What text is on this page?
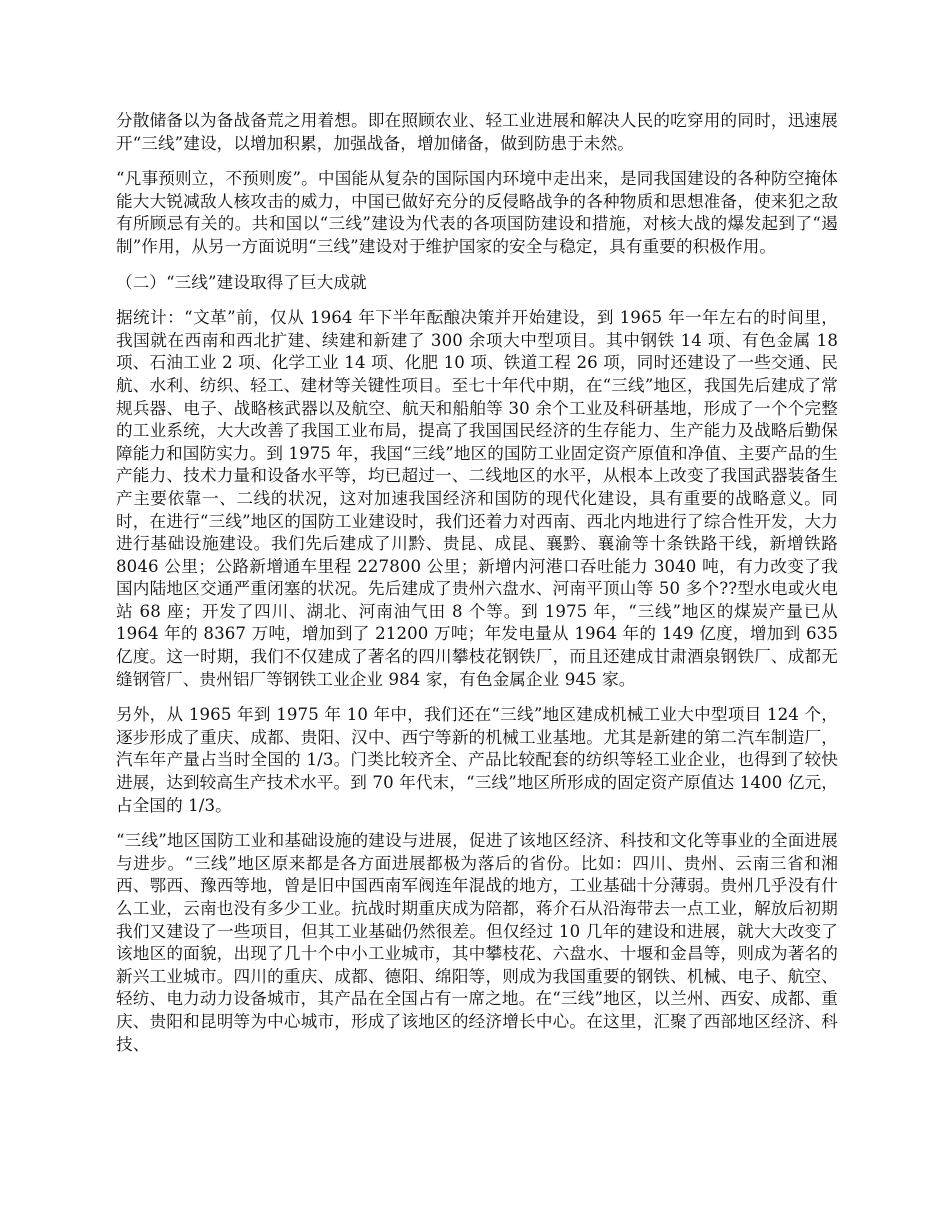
分散储备以为备战备荒之用着想。即在照顾农业、轻工业进展和解决人民的吃穿用的同时，迅速展开“三线”建设，以增加积累，加强战备，增加储备，做到防患于未然。

“凡事预则立，不预则废”。中国能从复杂的国际国内环境中走出来，是同我国建设的各种防空掩体能大大锐减敌人核攻击的威力，中国已做好充分的反侵略战争的各种物质和思想准备，使来犯之敌有所顾忌有关的。共和国以“三线”建设为代表的各项国防建设和措施，对核大战的爆发起到了“遏制”作用，从另一方面说明“三线”建设对于维护国家的安全与稳定，具有重要的积极作用。

（二）“三线”建设取得了巨大成就

据统计：“文革”前，仅从 1964 年下半年酝酿决策并开始建设，到 1965 年一年左右的时间里，我国就在西南和西北扩建、续建和新建了 300 余项大中型项目。其中钢铁 14 项、有色金属 18 项、石油工业 2 项、化学工业 14 项、化肥 10 项、铁道工程 26 项，同时还建设了一些交通、民航、水利、纺织、轻工、建材等关键性项目。至七十年代中期，在“三线”地区，我国先后建成了常规兵器、电子、战略核武器以及航空、航天和船舶等 30 余个工业及科研基地，形成了一个个完整的工业系统，大大改善了我国工业布局，提高了我国国民经济的生存能力、生产能力及战略后勤保障能力和国防实力。到 1975 年，我国“三线”地区的国防工业固定资产原值和净值、主要产品的生产能力、技术力量和设备水平等，均已超过一、二线地区的水平，从根本上改变了我国武器装备生产主要依靠一、二线的状况，这对加速我国经济和国防的现代化建设，具有重要的战略意义。同时，在进行“三线”地区的国防工业建设时，我们还着力对西南、西北内地进行了综合性开发，大力进行基础设施建设。我们先后建成了川黔、贵昆、成昆、襄黔、襄渝等十条铁路干线，新增铁路 8046 公里；公路新增通车里程 227800 公里；新增内河港口吞吐能力 3040 吨，有力改变了我国内陆地区交通严重闭塞的状况。先后建成了贵州六盘水、河南平顶山等 50 多个??型水电或火电站 68 座；开发了四川、湖北、河南油气田 8 个等。到 1975 年，“三线”地区的煤炭产量已从 1964 年的 8367 万吨，增加到了 21200 万吨；年发电量从 1964 年的 149 亿度，增加到 635 亿度。这一时期，我们不仅建成了著名的四川攀枝花钢铁厂，而且还建成甘肃酒泉钢铁厂、成都无缝钢管厂、贵州铝厂等钢铁工业企业 984 家，有色金属企业 945 家。

另外，从 1965 年到 1975 年 10 年中，我们还在“三线”地区建成机械工业大中型项目 124 个，逐步形成了重庆、成都、贵阳、汉中、西宁等新的机械工业基地。尤其是新建的第二汽车制造厂，汽车年产量占当时全国的 1/3。门类比较齐全、产品比较配套的纺织等轻工业企业，也得到了较快进展，达到较高生产技术水平。到 70 年代末，“三线”地区所形成的固定资产原值达 1400 亿元，占全国的 1/3。

“三线”地区国防工业和基础设施的建设与进展，促进了该地区经济、科技和文化等事业的全面进展与进步。“三线”地区原来都是各方面进展都极为落后的省份。比如：四川、贵州、云南三省和湘西、鄂西、豫西等地，曾是旧中国西南军阀连年混战的地方，工业基础十分薄弱。贵州几乎没有什么工业，云南也没有多少工业。抗战时期重庆成为陪都，蒋介石从沿海带去一点工业，解放后初期我们又建设了一些项目，但其工业基础仍然很差。但仅经过 10 几年的建设和进展，就大大改变了该地区的面貌，出现了几十个中小工业城市，其中攀枝花、六盘水、十堰和金昌等，则成为著名的新兴工业城市。四川的重庆、成都、德阳、绵阳等，则成为我国重要的钢铁、机械、电子、航空、轻纺、电力动力设备城市，其产品在全国占有一席之地。在“三线”地区，以兰州、西安、成都、重庆、贵阳和昆明等为中心城市，形成了该地区的经济增长中心。在这里，汇聚了西部地区经济、科技、
